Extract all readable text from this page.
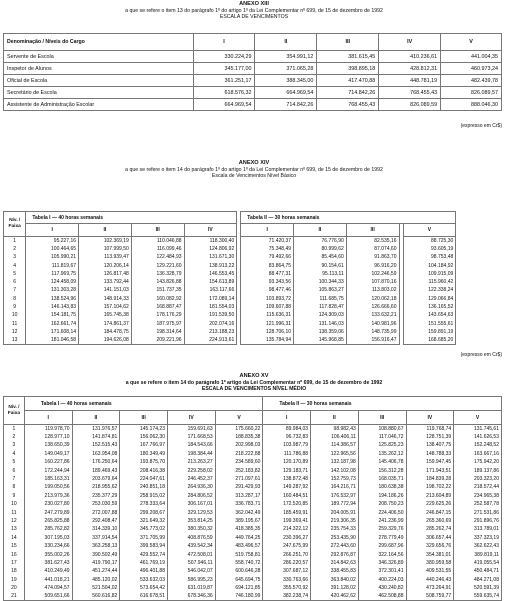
ANEXO XIII
a que se refere o item 13 do parágrafo 1º do artigo 1º da Lei Complementar nº 699, de 15 de dezembro de 1992
ESCALA DE VENCIMENTOS
Denominação / Níveis do Cargo	I	II	III	IV	V
Servente de Escola	330.224,29	354.991,12	381.615,45	410.236,61	441.004,35
Inspetor de Alunos	345.177,00	371.065,28	398.895,18	428.812,31	460.973,24
Oficial de Escola	361.251,17	388.345,00	417.470,88	448.781,19	482.439,78
Secretário de Escola	618.576,32	664.969,54	714.842,26	768.455,43	826.089,57
Assistente de Administração Escolar	664.969,54	714.842,26	768.455,43	826.089,59	888.046,30
(expresso em Cr$)
ANEXO XIV
a que se refere o item 14 do parágrafo 1º do artigo 1º da Lei Complementar nº 699, de 15 de dezembro de 1992
Escala de Vencimentos Nível Básico
Nív. / Faixa	Tabela I — 40 horas semanais					Tabela II — 30 horas semanais					
	I	II	III	IV		I	II	III		V	
1	95.227,16	102.369,19	110.046,88	118.300,40		71.420,37	76.776,90	82.535,16		88.725,30	
2	100.464,65	107.999,50	116.099,46	124.806,92		75.348,49	80.999,62	87.074,60		93.605,19	
3	105.990,21	113.939,47	122.484,93	131.671,30		79.492,66	85.454,60	91.863,70		98.753,48	
4	111.819,67	120.206,14	129.221,60	138.913,22		83.864,75	90.154,61	96.916,20		104.184,92	
5	117.969,75	126.817,48	136.328,79	146.553,45		88.477,31	95.113,11	102.246,59		109.915,09	
6	124.458,09	133.792,44	143.826,88	154.613,89		93.343,56	100.344,33	107.870,16		115.960,42	
7	131.303,28	141.151,03	151.737,35	163.117,66		98.477,46	105.863,27	113.803,02		122.338,24	
8	138.524,96	148.914,33	160.082,92	172.089,14		103.893,72	111.685,75	120.062,18		129.066,84	
9	146.143,83	157.104,62	168.887,47	181.554,03		109.607,88	117.828,47	126.666,60		136.165,52	
10	154.181,75	165.745,38	178.176,29	191.539,50		115.636,31	124.309,03	133.632,21		143.654,63	
11	162.661,74	174.861,37	187.975,97	202.074,16		121.996,31	131.146,03	140.981,96		151.555,61	
12	171.608,14	184.478,75	198.314,64	213.188,23		128.706,10	138.359,06	148.735,99		159.891,19	
13	181.046,58	194.626,08	209.221,96	224.913,61		135.784,94	145.968,85	156.916,47		168.685,20	
(expresso em Cr$)
ANEXO XV
a que se refere o item 14 do parágrafo 1º artigo da Lei Complementar nº 699, de 15 de dezembro de 1992
ESCALA DE VENCIMENTOS NÍVEL MÉDIO
Nív. / Faixa	Tabela I — 40 horas semanais					Tabela II — 30 horas semanais				
	I	II	III	IV	V	I	II	III	IV	V
1	119.978,70	131.976,57	145.174,23	159.691,63	175.660,22	89.984,03	98.982,43	108.880,67	119.768,74	131.745,61
2	128.977,10	141.874,81	156.062,30	171.668,53	188.835,38	96.732,83	106.406,11	117.046,72	128.751,39	141.626,53
3	138.650,39	152.515,43	167.766,97	184.543,66	202.998,03	103.987,79	114.386,57	125.825,23	138.407,75	152.248,52
4	149.049,17	163.954,08	180.349,49	198.384,44	218.222,88	111.786,88	122.965,56	135.262,12	148.788,33	163.667,16
5	160.227,86	176.250,64	193.875,70	213.263,27	234.589,60	120.170,89	132.187,98	145.406,78	159.947,45	175.942,20
6	172.244,94	189.469,43	208.416,38	229.258,02	252.183,82	129.183,71	142.102,08	156.312,28	171.943,51	189.137,86
7	185.163,31	203.679,64	224.047,61	246.452,37	271.097,61	138.872,48	152.759,73	168.035,71	184.839,28	203.323,20
8	199.050,56	218.955,62	240.851,18	264.936,30	291.429,93	149.287,92	164.216,71	180.638,38	198.702,22	218.572,44
9	213.979,36	235.377,29	258.915,02	284.806,52	313.287,17	160.484,51	176.532,97	194.186,26	213.604,89	234.965,38
10	230.027,80	253.030,59	278.333,64	306.167,01	336.783,71	172.520,85	189.772,94	208.750,23	229.625,26	252.587,78
11	247.279,89	272.007,88	299.208,67	329.129,53	362.042,49	185.459,91	204.005,91	224.406,50	246.847,15	271.531,86
12	265.825,88	292.408,47	321.649,32	353.814,25	389.195,67	199.369,41	219.306,35	241.236,99	265.360,69	291.896,76
13	285.762,82	314.339,10	345.773,02	380.350,32	418.385,35	214.322,12	235.754,33	259.329,76	285.262,74	313.789,01
14	307.195,03	337.914,54	371.705,99	408.876,59	449.764,25	230.396,27	253.435,90	278.779,49	306.657,44	337.323,19
15	330.234,66	363.258,13	399.583,94	439.542,34	483.496,57	247.675,99	272.443,60	299.687,96	329.656,76	362.622,43
16	355.002,26	390.502,49	429.552,74	472.508,01	519.758,81	266.251,70	292.876,87	322.164,56	354.381,01	389.819,11
17	381.627,43	419.790,17	461.769,19	507.946,11	558.740,72	286.220,57	314.842,63	346.326,89	380.959,58	419.055,54
18	410.249,49	451.274,44	496.401,88	546.042,07	600.646,28	307.687,12	338.455,83	372.301,41	409.531,55	450.484,71
19	441.018,21	485.120,02	533.632,03	586.995,23	645.694,75	330.763,66	363.840,02	400.224,03	440.246,43	484.271,08
20	474.094,57	521.504,02	573.654,42	631.019,87	694.121,85	355.570,92	391.128,02	430.240,82	473.264,91	520.591,39
21	509.651,66	560.616,82	616.678,51	678.346,36	746.180,99	382.238,74	420.462,62	462.508,88	508.759,77	559.635,74
